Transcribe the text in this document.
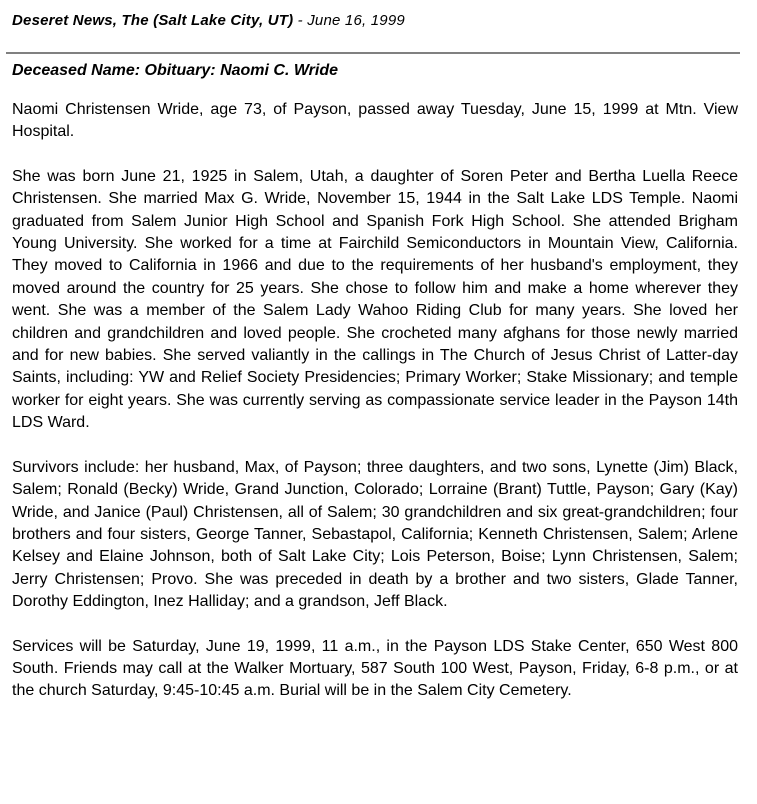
Deseret News, The (Salt Lake City, UT) - June 16, 1999
Deceased Name: Obituary: Naomi C. Wride

Naomi Christensen Wride, age 73, of Payson, passed away Tuesday, June 15, 1999 at Mtn. View Hospital.

She was born June 21, 1925 in Salem, Utah, a daughter of Soren Peter and Bertha Luella Reece Christensen. She married Max G. Wride, November 15, 1944 in the Salt Lake LDS Temple. Naomi graduated from Salem Junior High School and Spanish Fork High School. She attended Brigham Young University. She worked for a time at Fairchild Semiconductors in Mountain View, California. They moved to California in 1966 and due to the requirements of her husband's employment, they moved around the country for 25 years. She chose to follow him and make a home wherever they went. She was a member of the Salem Lady Wahoo Riding Club for many years. She loved her children and grandchildren and loved people. She crocheted many afghans for those newly married and for new babies. She served valiantly in the callings in The Church of Jesus Christ of Latter-day Saints, including: YW and Relief Society Presidencies; Primary Worker; Stake Missionary; and temple worker for eight years. She was currently serving as compassionate service leader in the Payson 14th LDS Ward.

Survivors include: her husband, Max, of Payson; three daughters, and two sons, Lynette (Jim) Black, Salem; Ronald (Becky) Wride, Grand Junction, Colorado; Lorraine (Brant) Tuttle, Payson; Gary (Kay) Wride, and Janice (Paul) Christensen, all of Salem; 30 grandchildren and six great-grandchildren; four brothers and four sisters, George Tanner, Sebastapol, California; Kenneth Christensen, Salem; Arlene Kelsey and Elaine Johnson, both of Salt Lake City; Lois Peterson, Boise; Lynn Christensen, Salem; Jerry Christensen; Provo. She was preceded in death by a brother and two sisters, Glade Tanner, Dorothy Eddington, Inez Halliday; and a grandson, Jeff Black.

Services will be Saturday, June 19, 1999, 11 a.m., in the Payson LDS Stake Center, 650 West 800 South. Friends may call at the Walker Mortuary, 587 South 100 West, Payson, Friday, 6-8 p.m., or at the church Saturday, 9:45-10:45 a.m. Burial will be in the Salem City Cemetery.
